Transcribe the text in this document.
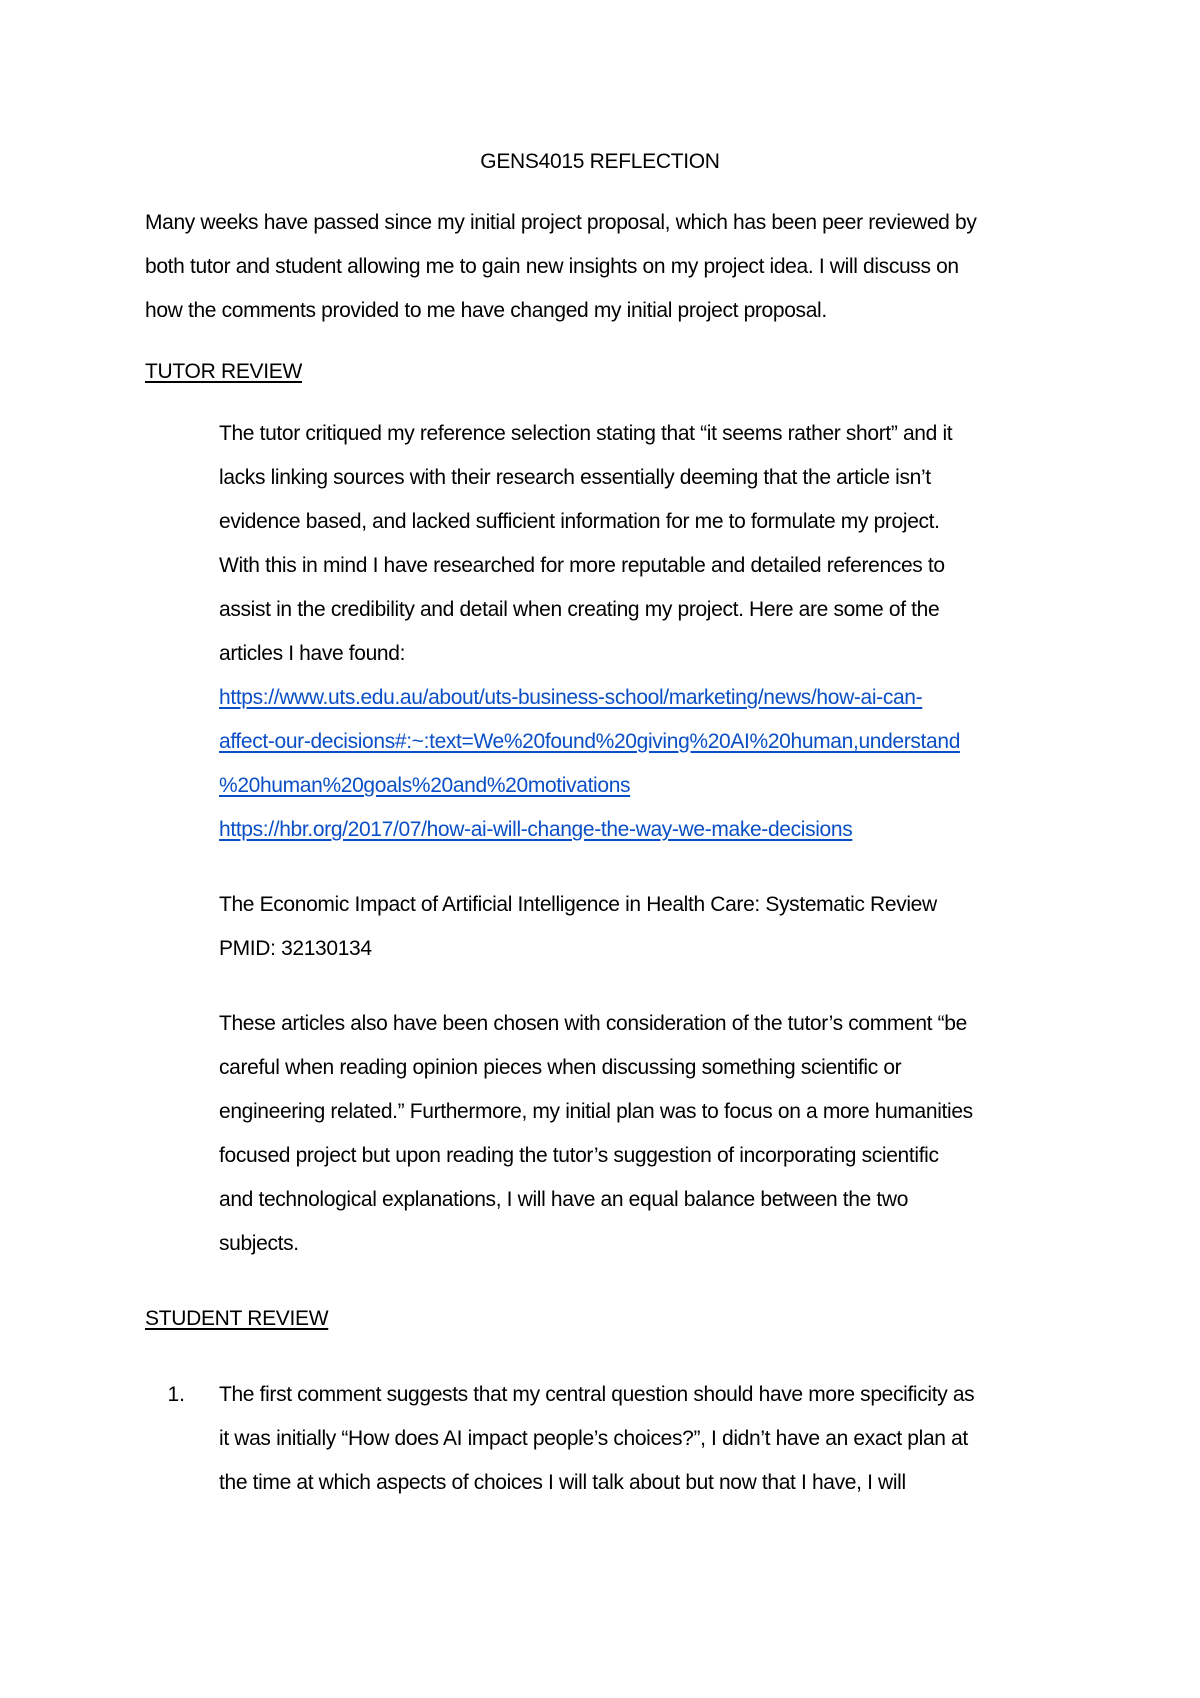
GENS4015 REFLECTION
Many weeks have passed since my initial project proposal, which has been peer reviewed by
both tutor and student allowing me to gain new insights on my project idea. I will discuss on
how the comments provided to me have changed my initial project proposal.
TUTOR REVIEW
The tutor critiqued my reference selection stating that “it seems rather short” and it
lacks linking sources with their research essentially deeming that the article isn’t
evidence based, and lacked sufficient information for me to formulate my project.
With this in mind I have researched for more reputable and detailed references to
assist in the credibility and detail when creating my project. Here are some of the
articles I have found:
https://www.uts.edu.au/about/uts-business-school/marketing/news/how-ai-can-
affect-our-decisions#:~:text=We%20found%20giving%20AI%20human,understand
%20human%20goals%20and%20motivations
https://hbr.org/2017/07/how-ai-will-change-the-way-we-make-decisions
The Economic Impact of Artificial Intelligence in Health Care: Systematic Review
PMID: 32130134
These articles also have been chosen with consideration of the tutor’s comment “be
careful when reading opinion pieces when discussing something scientific or
engineering related.” Furthermore, my initial plan was to focus on a more humanities
focused project but upon reading the tutor’s suggestion of incorporating scientific
and technological explanations, I will have an equal balance between the two
subjects.
STUDENT REVIEW
1. The first comment suggests that my central question should have more specificity as
it was initially “How does AI impact people’s choices?”, I didn’t have an exact plan at
the time at which aspects of choices I will talk about but now that I have, I will
